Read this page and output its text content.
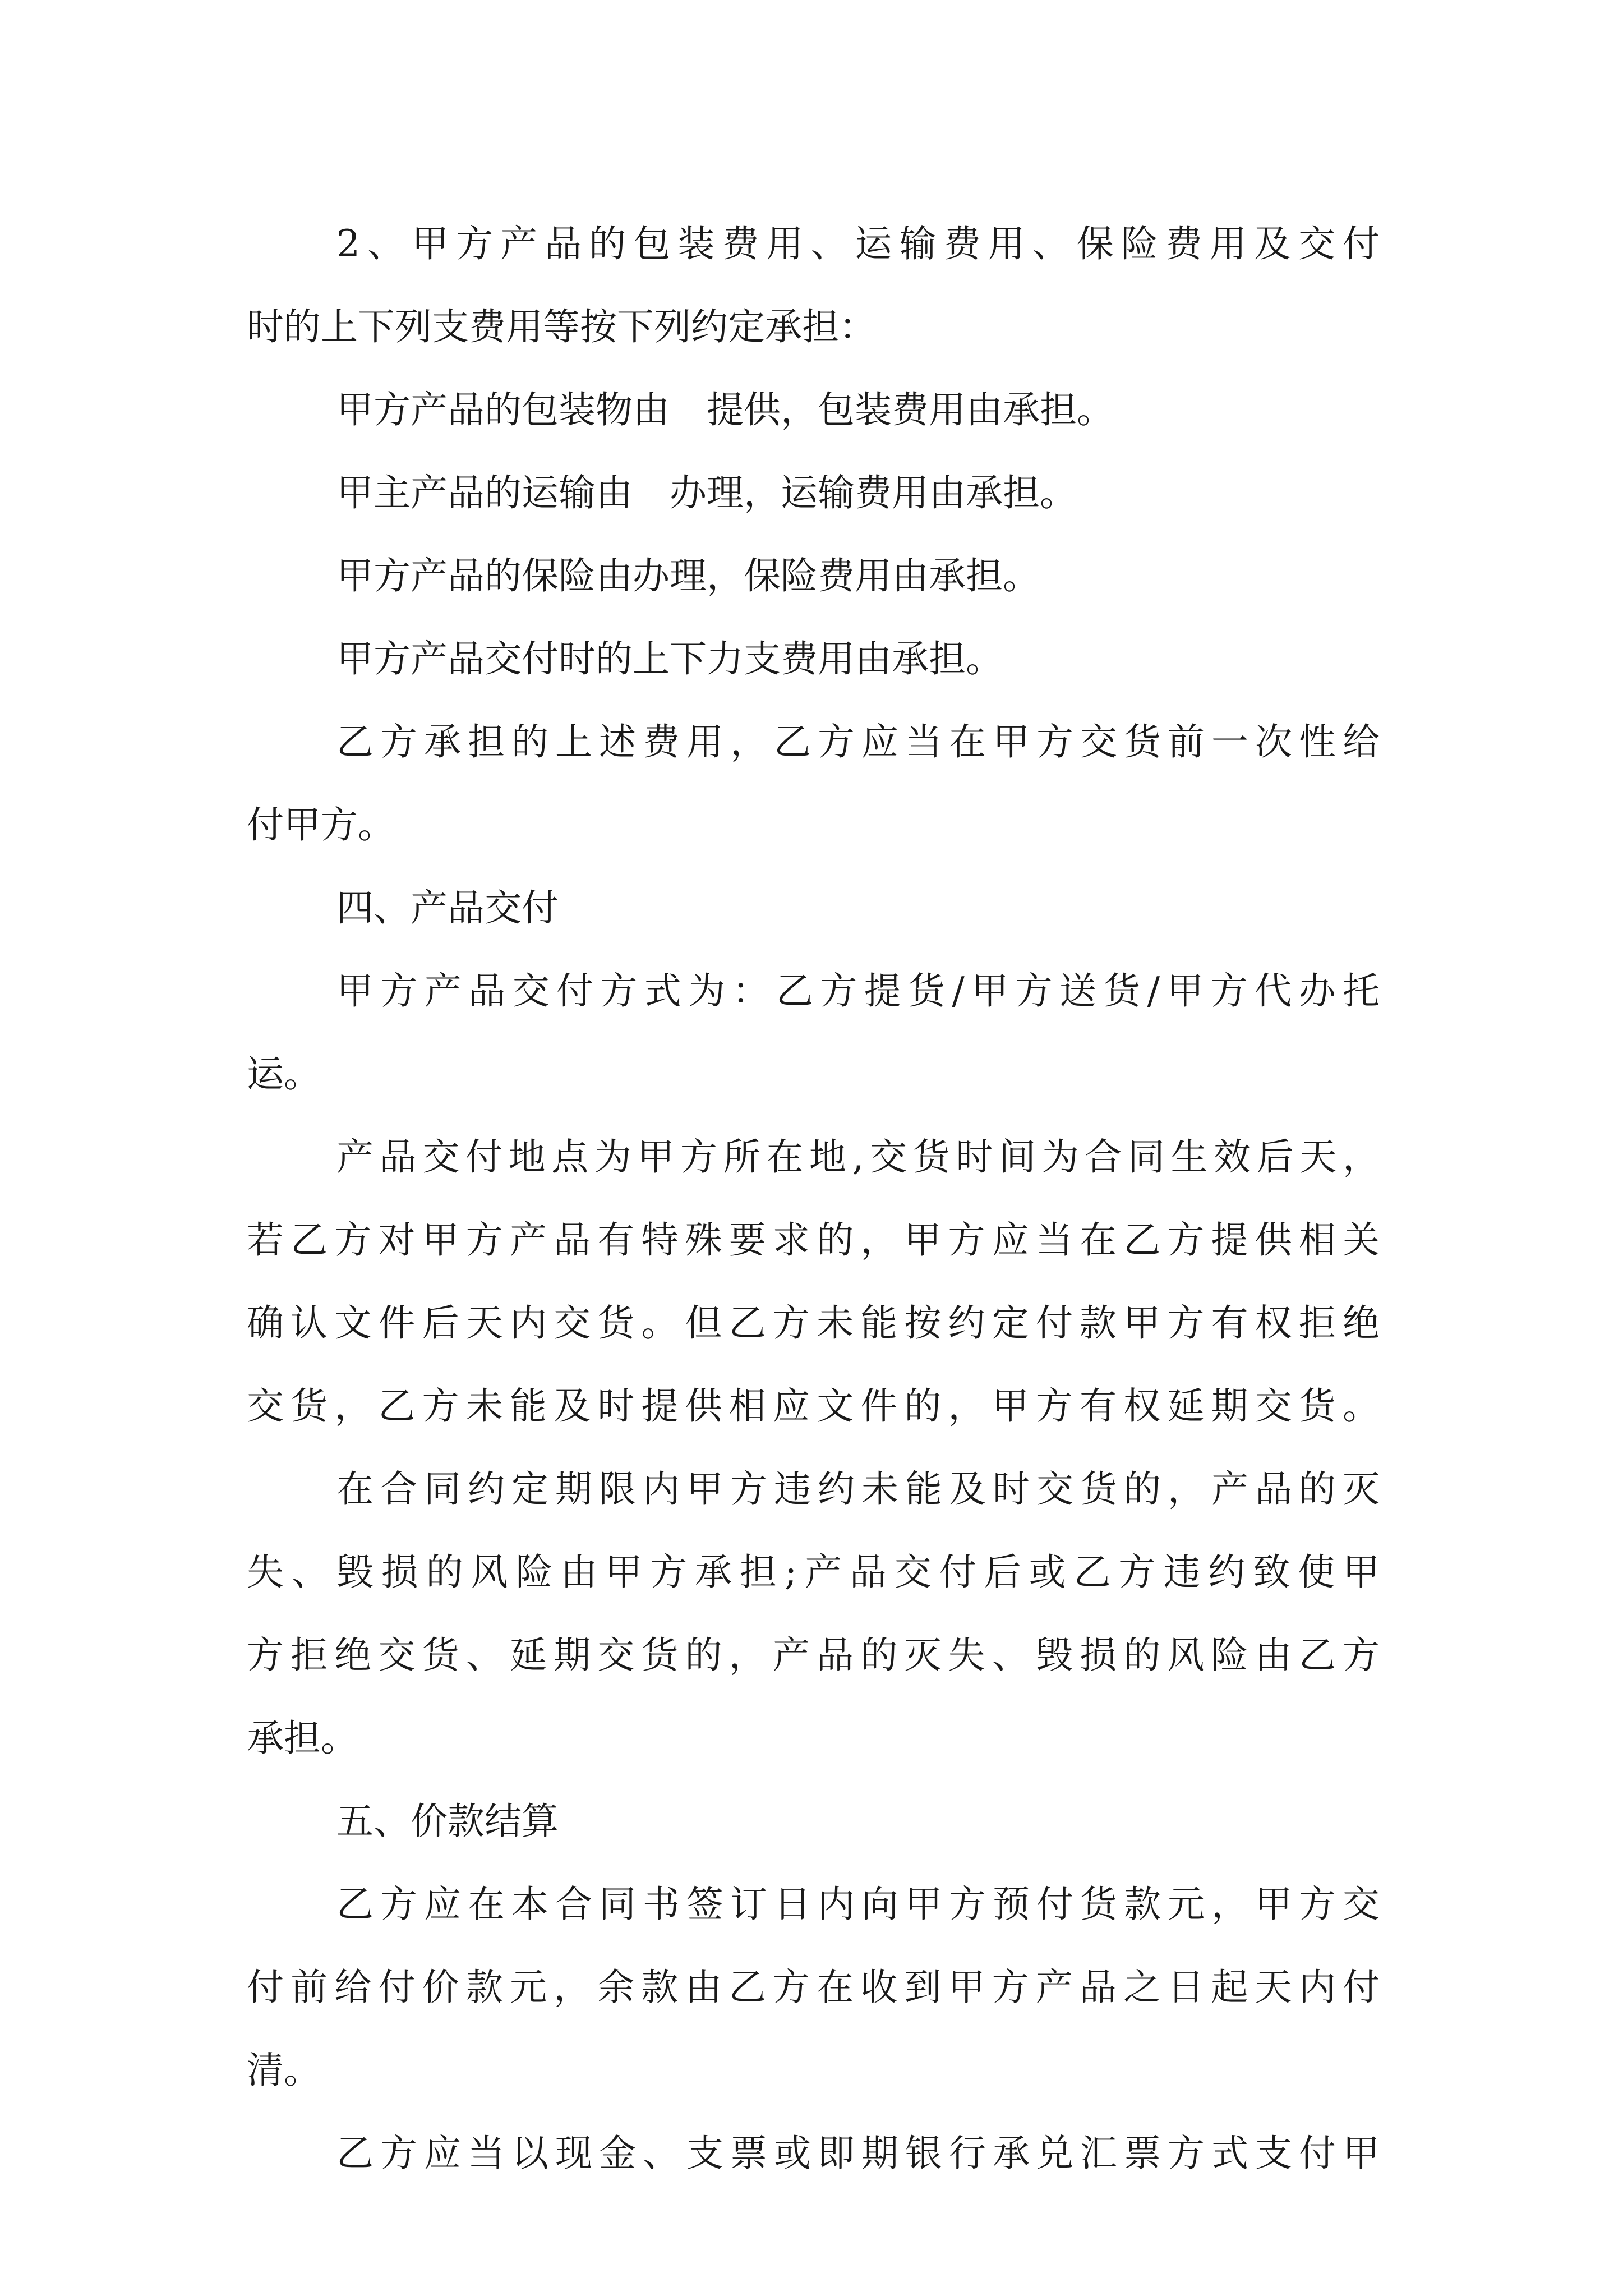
2、甲方产品的包装费用、运输费用、保险费用及交付

时的上下列支费用等按下列约定承担：

甲方产品的包装物由　提供，包装费用由承担。

甲主产品的运输由　办理，运输费用由承担。

甲方产品的保险由办理，保险费用由承担。

甲方产品交付时的上下力支费用由承担。

乙方承担的上述费用，乙方应当在甲方交货前一次性给

付甲方。

四、产品交付

甲方产品交付方式为：乙方提货/甲方送货/甲方代办托

运。

产品交付地点为甲方所在地,交货时间为合同生效后天，

若乙方对甲方产品有特殊要求的，甲方应当在乙方提供相关

确认文件后天内交货。但乙方未能按约定付款甲方有权拒绝

交货，乙方未能及时提供相应文件的，甲方有权延期交货。

在合同约定期限内甲方违约未能及时交货的，产品的灭

失、毁损的风险由甲方承担;产品交付后或乙方违约致使甲

方拒绝交货、延期交货的，产品的灭失、毁损的风险由乙方

承担。

五、价款结算

乙方应在本合同书签订日内向甲方预付货款元，甲方交

付前给付价款元，余款由乙方在收到甲方产品之日起天内付

清。

乙方应当以现金、支票或即期银行承兑汇票方式支付甲
